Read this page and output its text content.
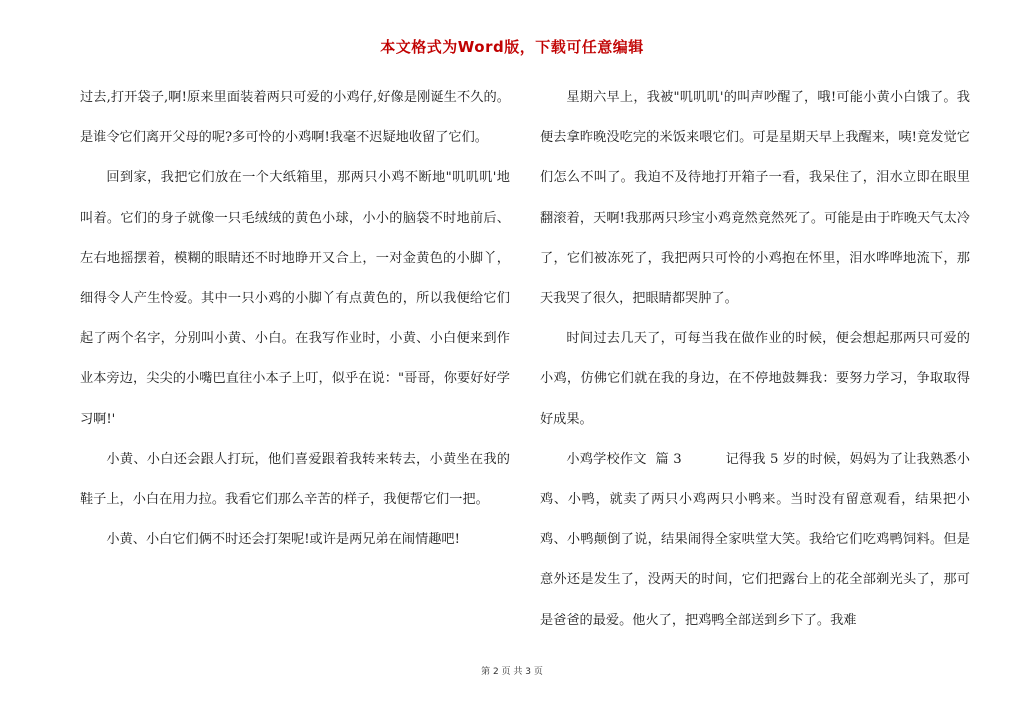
本文格式为Word版，下载可任意编辑

过去,打开袋子,啊!原来里面装着两只可爱的小鸡仔,好像是刚诞生不久的。是谁令它们离开父母的呢?多可怜的小鸡啊!我毫不迟疑地收留了它们。

回到家，我把它们放在一个大纸箱里，那两只小鸡不断地"叽叽叽'地叫着。它们的身子就像一只毛绒绒的黄色小球，小小的脑袋不时地前后、左右地摇摆着，模糊的眼睛还不时地睁开又合上，一对金黄色的小脚丫，细得令人产生怜爱。其中一只小鸡的小脚丫有点黄色的，所以我便给它们起了两个名字，分别叫小黄、小白。在我写作业时，小黄、小白便来到作业本旁边，尖尖的小嘴巴直往小本子上叮，似乎在说："哥哥，你要好好学习啊!'

小黄、小白还会跟人打玩，他们喜爱跟着我转来转去，小黄坐在我的鞋子上，小白在用力拉。我看它们那么辛苦的样子，我便帮它们一把。

小黄、小白它们俩不时还会打架呢!或许是两兄弟在闹情趣吧!

星期六早上，我被"叽叽叽'的叫声吵醒了，哦!可能小黄小白饿了。我便去拿昨晚没吃完的米饭来喂它们。可是星期天早上我醒来，咦!竟发觉它们怎么不叫了。我迫不及待地打开箱子一看，我呆住了，泪水立即在眼里翻滚着，天啊!我那两只珍宝小鸡竟然竟然死了。可能是由于昨晚天气太冷了，它们被冻死了，我把两只可怜的小鸡抱在怀里，泪水哗哗地流下，那天我哭了很久，把眼睛都哭肿了。

时间过去几天了，可每当我在做作业的时候，便会想起那两只可爱的小鸡，仿佛它们就在我的身边，在不停地鼓舞我：要努力学习，争取取得好成果。

小鸡学校作文  篇 3          记得我 5 岁的时候，妈妈为了让我熟悉小鸡、小鸭，就卖了两只小鸡两只小鸭来。当时没有留意观看，结果把小鸡、小鸭颠倒了说，结果闹得全家哄堂大笑。我给它们吃鸡鸭饲料。但是意外还是发生了，没两天的时间，它们把露台上的花全部剃光头了，那可是爸爸的最爱。他火了，把鸡鸭全部送到乡下了。我难

第 2 页 共 3 页
